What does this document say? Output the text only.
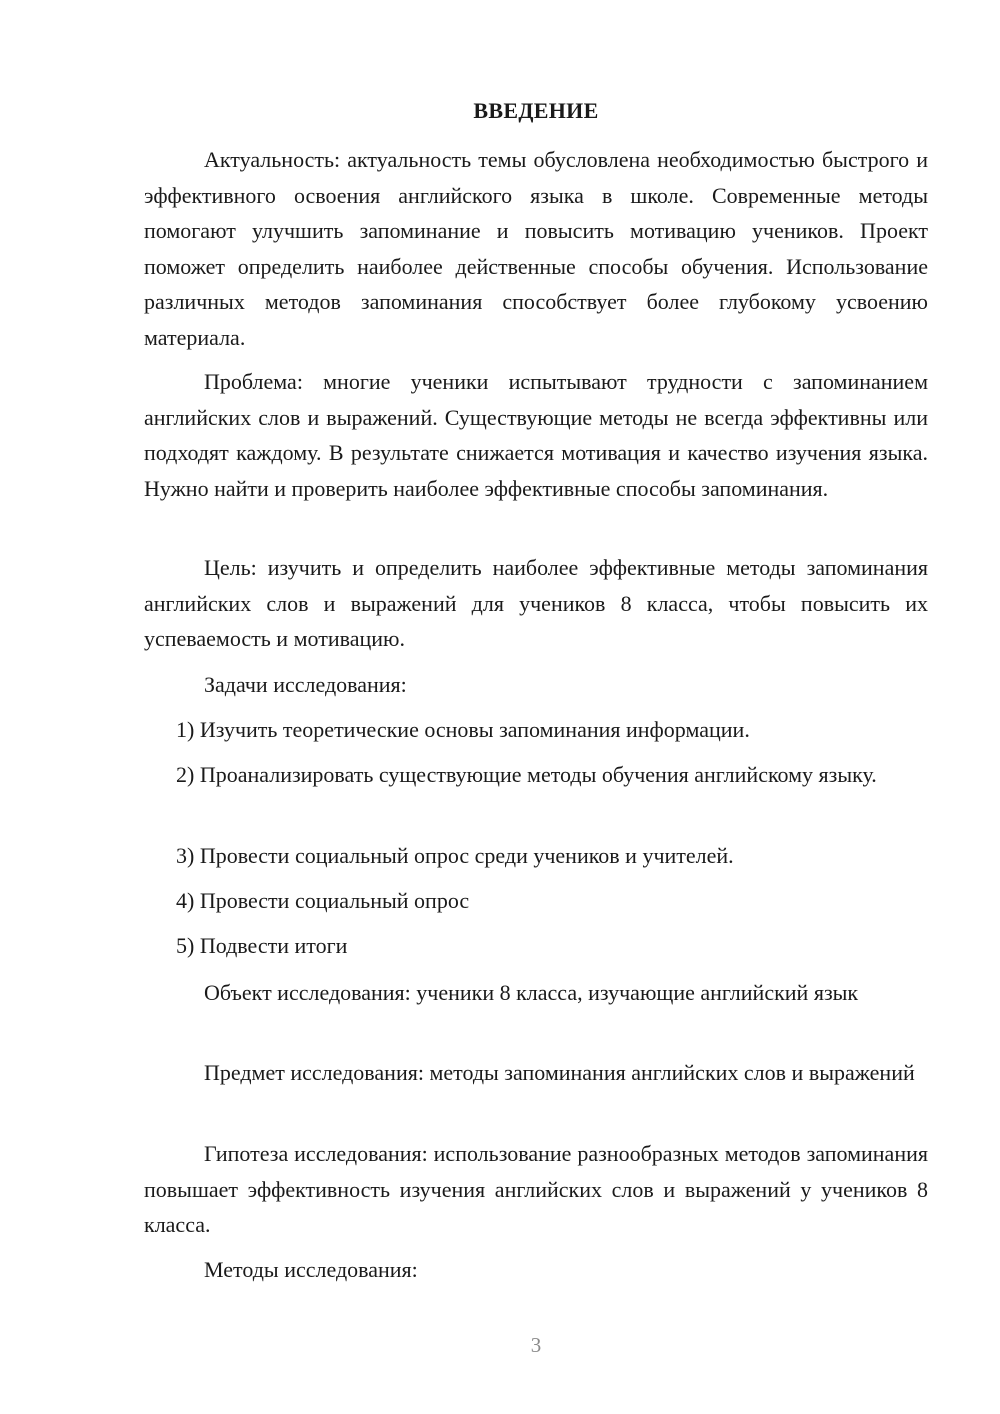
ВВЕДЕНИЕ
Актуальность: актуальность темы обусловлена необходимостью быстрого и эффективного освоения английского языка в школе. Современные методы помогают улучшить запоминание и повысить мотивацию учеников. Проект поможет определить наиболее действенные способы обучения. Использование различных методов запоминания способствует более глубокому усвоению материала.
Проблема: многие ученики испытывают трудности с запоминанием английских слов и выражений. Существующие методы не всегда эффективны или подходят каждому. В результате снижается мотивация и качество изучения языка. Нужно найти и проверить наиболее эффективные способы запоминания.
Цель: изучить и определить наиболее эффективные методы запоминания английских слов и выражений для учеников 8 класса, чтобы повысить их успеваемость и мотивацию.
Задачи исследования:
1) Изучить теоретические основы запоминания информации.
2) Проанализировать существующие методы обучения английскому языку.
3) Провести социальный опрос среди учеников и учителей.
4) Провести социальный опрос
5) Подвести итоги
Объект исследования: ученики 8 класса, изучающие английский язык
Предмет исследования: методы запоминания английских слов и выражений
Гипотеза исследования: использование разнообразных методов запоминания повышает эффективность изучения английских слов и выражений у учеников 8 класса.
Методы исследования:
3
